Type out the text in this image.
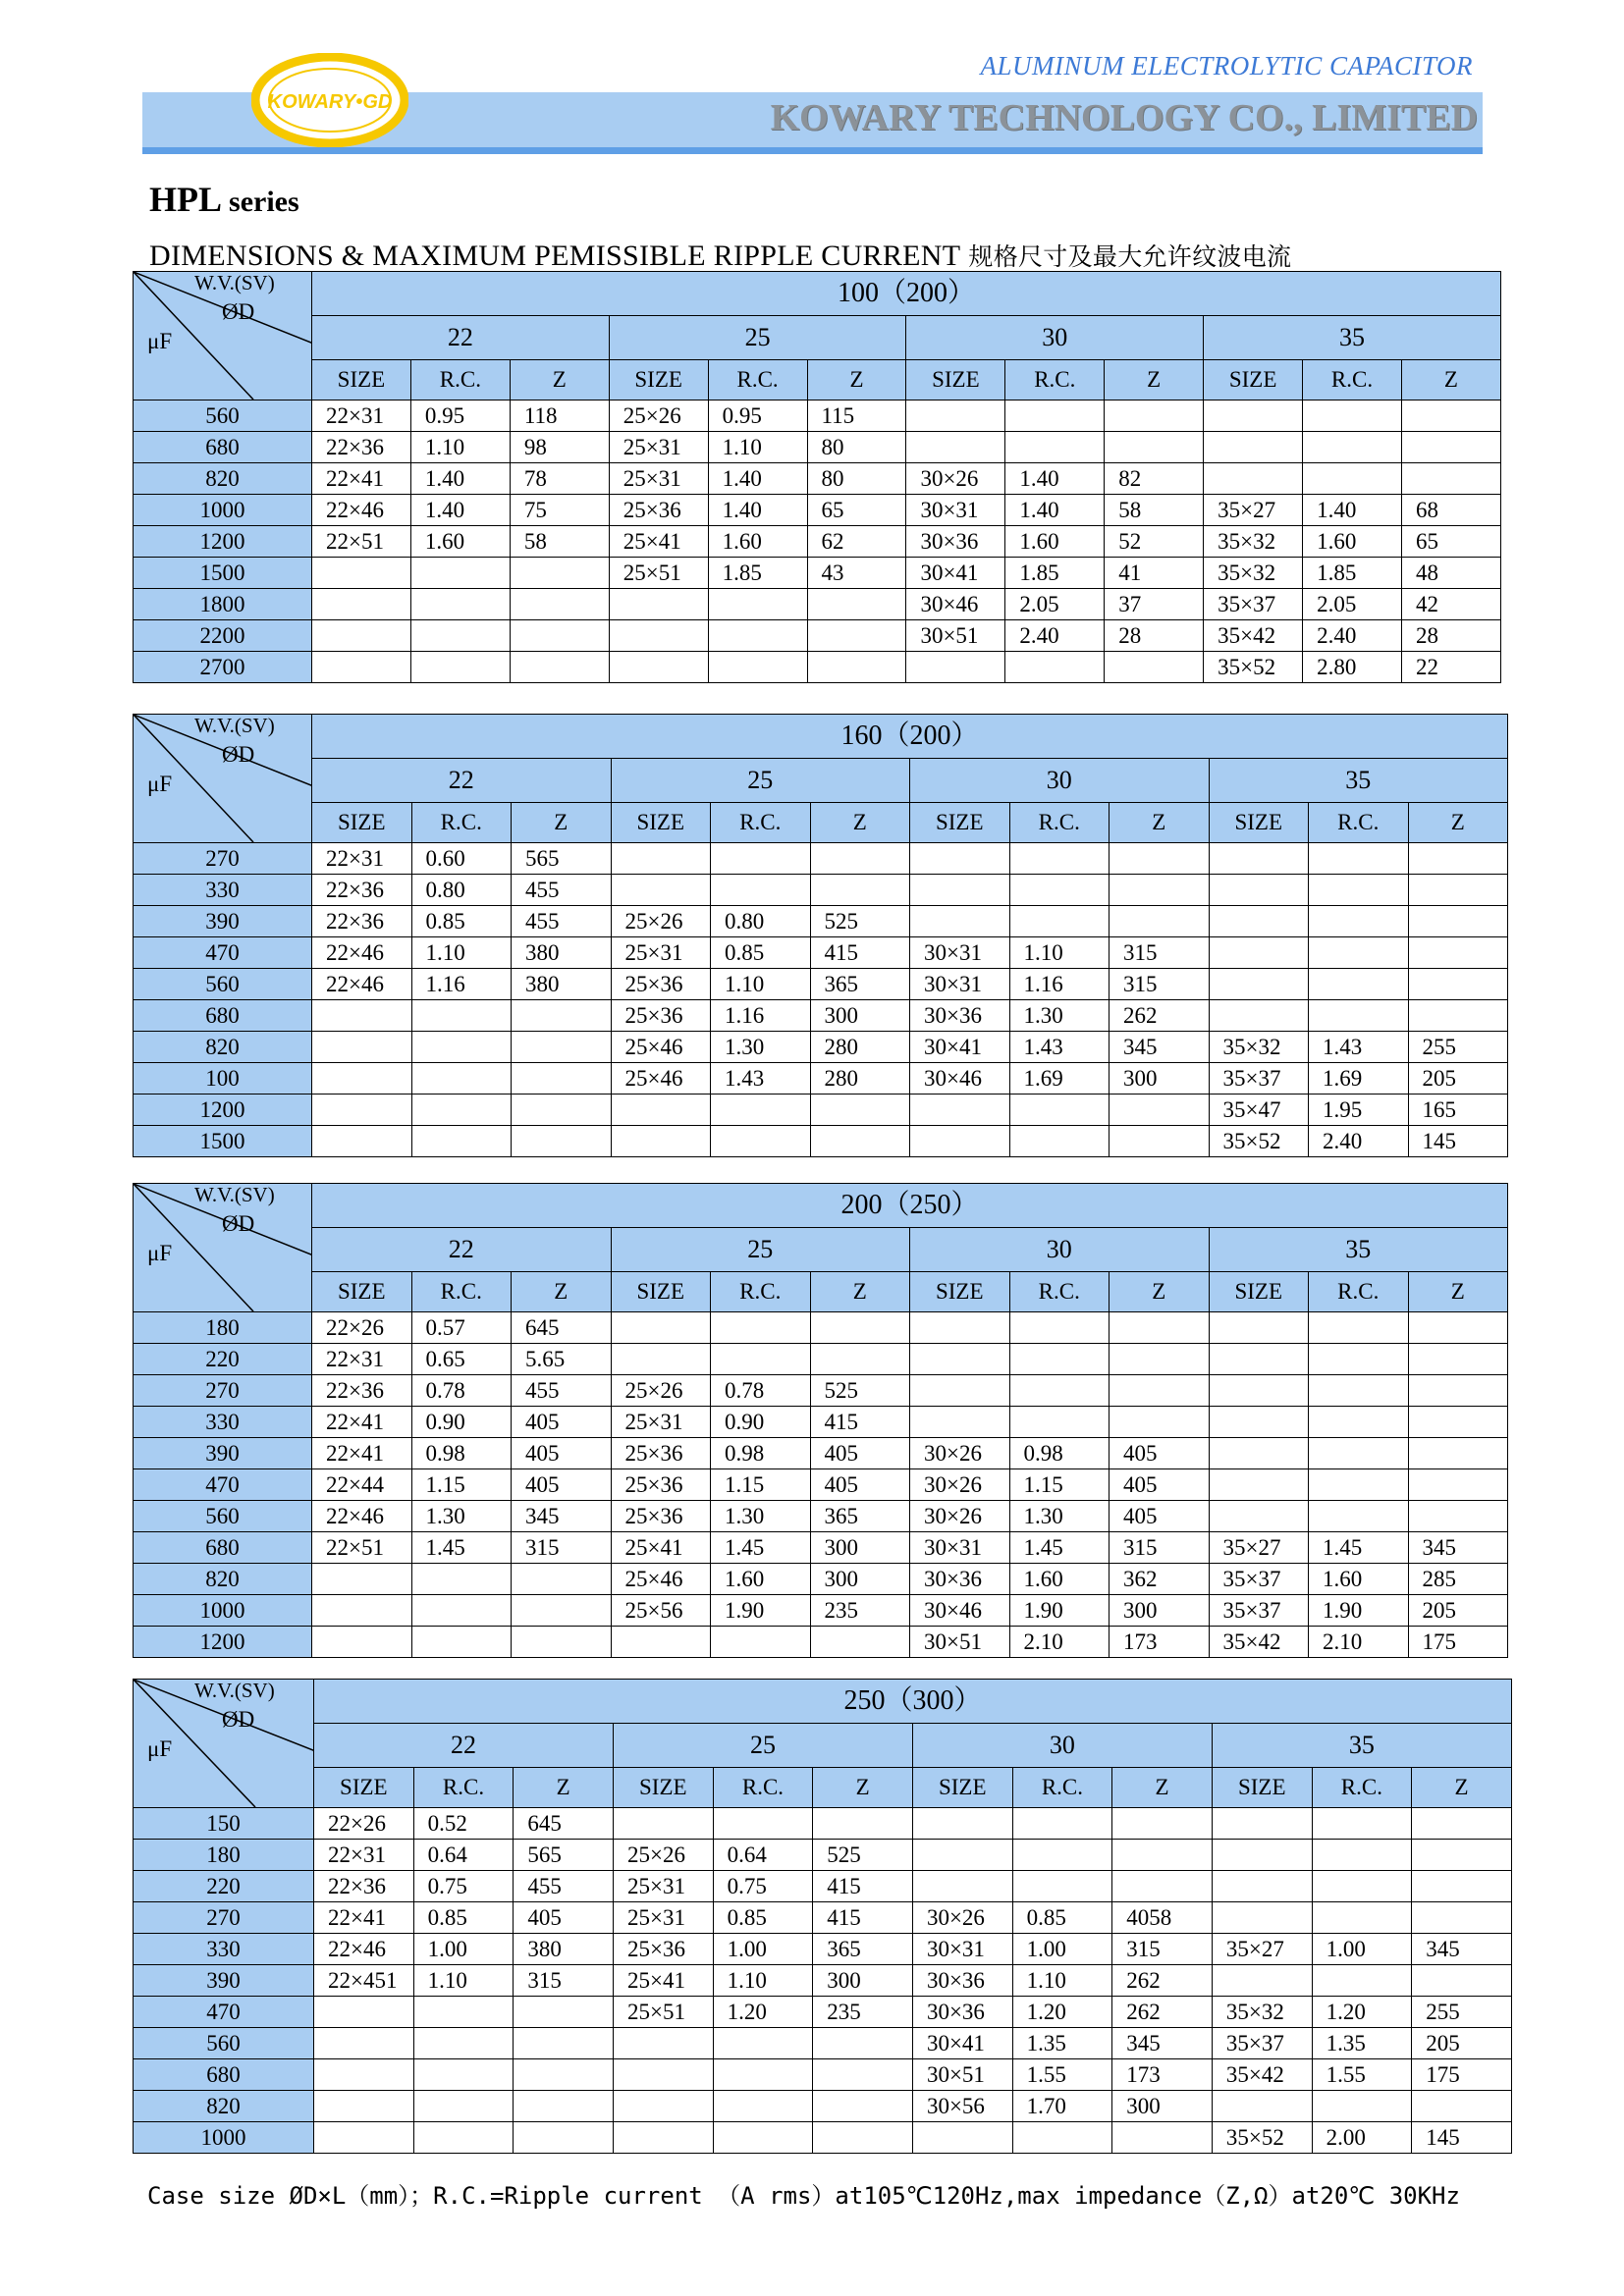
ALUMINUM ELECTROLYTIC CAPACITOR
KOWARY TECHNOLOGY CO., LIMITED
KOWARY•GD
HPL series
DIMENSIONS & MAXIMUM PEMISSIBLE RIPPLE CURRENT 规格尺寸及最大允许纹波电流
W.V.(SV)
ØD
μF	100（200）											
	22			25			30			35		
	SIZE	R.C.	Z	SIZE	R.C.	Z	SIZE	R.C.	Z	SIZE	R.C.	Z
560	22×31	0.95	118	25×26	0.95	115						
680	22×36	1.10	98	25×31	1.10	80						
820	22×41	1.40	78	25×31	1.40	80	30×26	1.40	82			
1000	22×46	1.40	75	25×36	1.40	65	30×31	1.40	58	35×27	1.40	68
1200	22×51	1.60	58	25×41	1.60	62	30×36	1.60	52	35×32	1.60	65
1500				25×51	1.85	43	30×41	1.85	41	35×32	1.85	48
1800							30×46	2.05	37	35×37	2.05	42
2200							30×51	2.40	28	35×42	2.40	28
2700										35×52	2.80	22
W.V.(SV)
ØD
μF	160（200）											
	22			25			30			35		
	SIZE	R.C.	Z	SIZE	R.C.	Z	SIZE	R.C.	Z	SIZE	R.C.	Z
270	22×31	0.60	565									
330	22×36	0.80	455									
390	22×36	0.85	455	25×26	0.80	525						
470	22×46	1.10	380	25×31	0.85	415	30×31	1.10	315			
560	22×46	1.16	380	25×36	1.10	365	30×31	1.16	315			
680				25×36	1.16	300	30×36	1.30	262			
820				25×46	1.30	280	30×41	1.43	345	35×32	1.43	255
100				25×46	1.43	280	30×46	1.69	300	35×37	1.69	205
1200										35×47	1.95	165
1500										35×52	2.40	145
W.V.(SV)
ØD
μF	200（250）											
	22			25			30			35		
	SIZE	R.C.	Z	SIZE	R.C.	Z	SIZE	R.C.	Z	SIZE	R.C.	Z
180	22×26	0.57	645									
220	22×31	0.65	5.65									
270	22×36	0.78	455	25×26	0.78	525						
330	22×41	0.90	405	25×31	0.90	415						
390	22×41	0.98	405	25×36	0.98	405	30×26	0.98	405			
470	22×44	1.15	405	25×36	1.15	405	30×26	1.15	405			
560	22×46	1.30	345	25×36	1.30	365	30×26	1.30	405			
680	22×51	1.45	315	25×41	1.45	300	30×31	1.45	315	35×27	1.45	345
820				25×46	1.60	300	30×36	1.60	362	35×37	1.60	285
1000				25×56	1.90	235	30×46	1.90	300	35×37	1.90	205
1200							30×51	2.10	173	35×42	2.10	175
W.V.(SV)
ØD
μF	250（300）											
	22			25			30			35		
	SIZE	R.C.	Z	SIZE	R.C.	Z	SIZE	R.C.	Z	SIZE	R.C.	Z
150	22×26	0.52	645									
180	22×31	0.64	565	25×26	0.64	525						
220	22×36	0.75	455	25×31	0.75	415						
270	22×41	0.85	405	25×31	0.85	415	30×26	0.85	4058			
330	22×46	1.00	380	25×36	1.00	365	30×31	1.00	315	35×27	1.00	345
390	22×451	1.10	315	25×41	1.10	300	30×36	1.10	262			
470				25×51	1.20	235	30×36	1.20	262	35×32	1.20	255
560							30×41	1.35	345	35×37	1.35	205
680							30×51	1.55	173	35×42	1.55	175
820							30×56	1.70	300			
1000										35×52	2.00	145
Case size ØD×L（mm）；R.C.=Ripple current （A rms）at105℃120Hz,max impedance（Z,Ω）at20℃ 30KHz
